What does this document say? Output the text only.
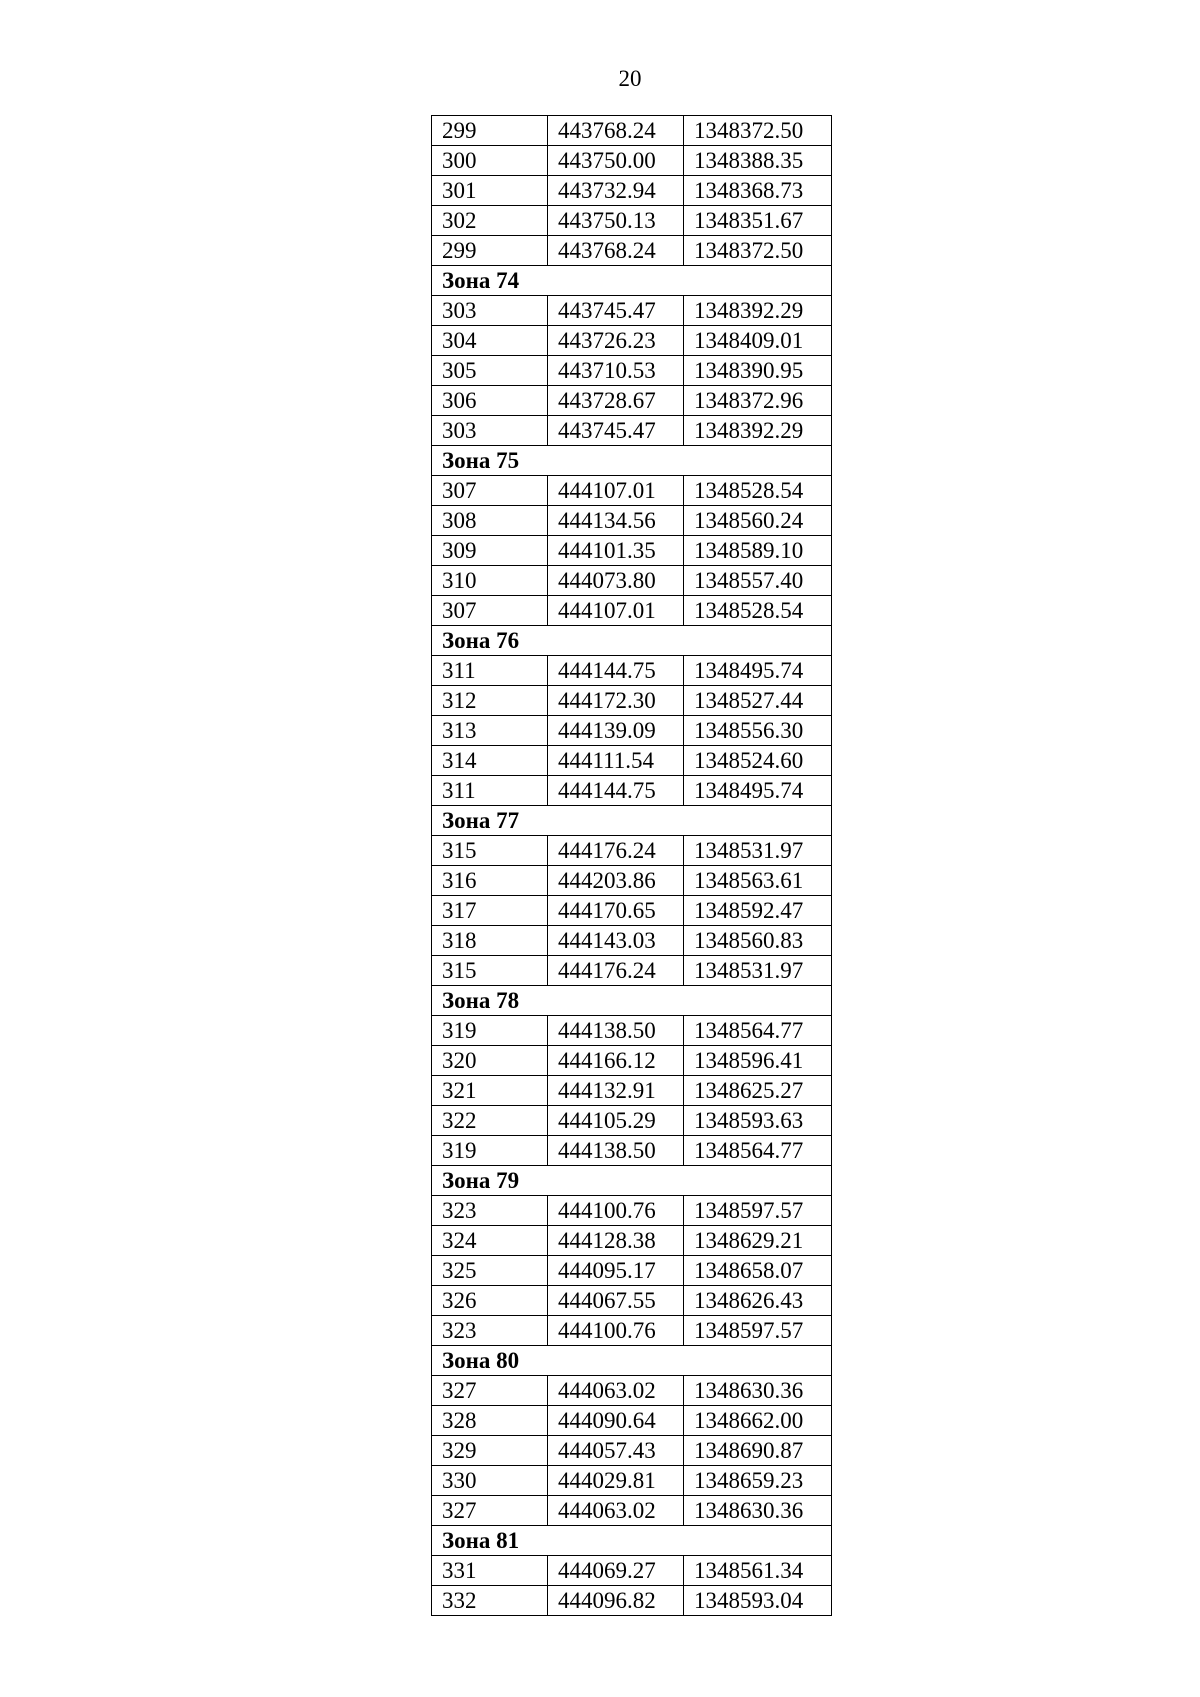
20
299	443768.24	1348372.50
300	443750.00	1348388.35
301	443732.94	1348368.73
302	443750.13	1348351.67
299	443768.24	1348372.50
Зона 74		
303	443745.47	1348392.29
304	443726.23	1348409.01
305	443710.53	1348390.95
306	443728.67	1348372.96
303	443745.47	1348392.29
Зона 75		
307	444107.01	1348528.54
308	444134.56	1348560.24
309	444101.35	1348589.10
310	444073.80	1348557.40
307	444107.01	1348528.54
Зона 76		
311	444144.75	1348495.74
312	444172.30	1348527.44
313	444139.09	1348556.30
314	444111.54	1348524.60
311	444144.75	1348495.74
Зона 77		
315	444176.24	1348531.97
316	444203.86	1348563.61
317	444170.65	1348592.47
318	444143.03	1348560.83
315	444176.24	1348531.97
Зона 78		
319	444138.50	1348564.77
320	444166.12	1348596.41
321	444132.91	1348625.27
322	444105.29	1348593.63
319	444138.50	1348564.77
Зона 79		
323	444100.76	1348597.57
324	444128.38	1348629.21
325	444095.17	1348658.07
326	444067.55	1348626.43
323	444100.76	1348597.57
Зона 80		
327	444063.02	1348630.36
328	444090.64	1348662.00
329	444057.43	1348690.87
330	444029.81	1348659.23
327	444063.02	1348630.36
Зона 81		
331	444069.27	1348561.34
332	444096.82	1348593.04
